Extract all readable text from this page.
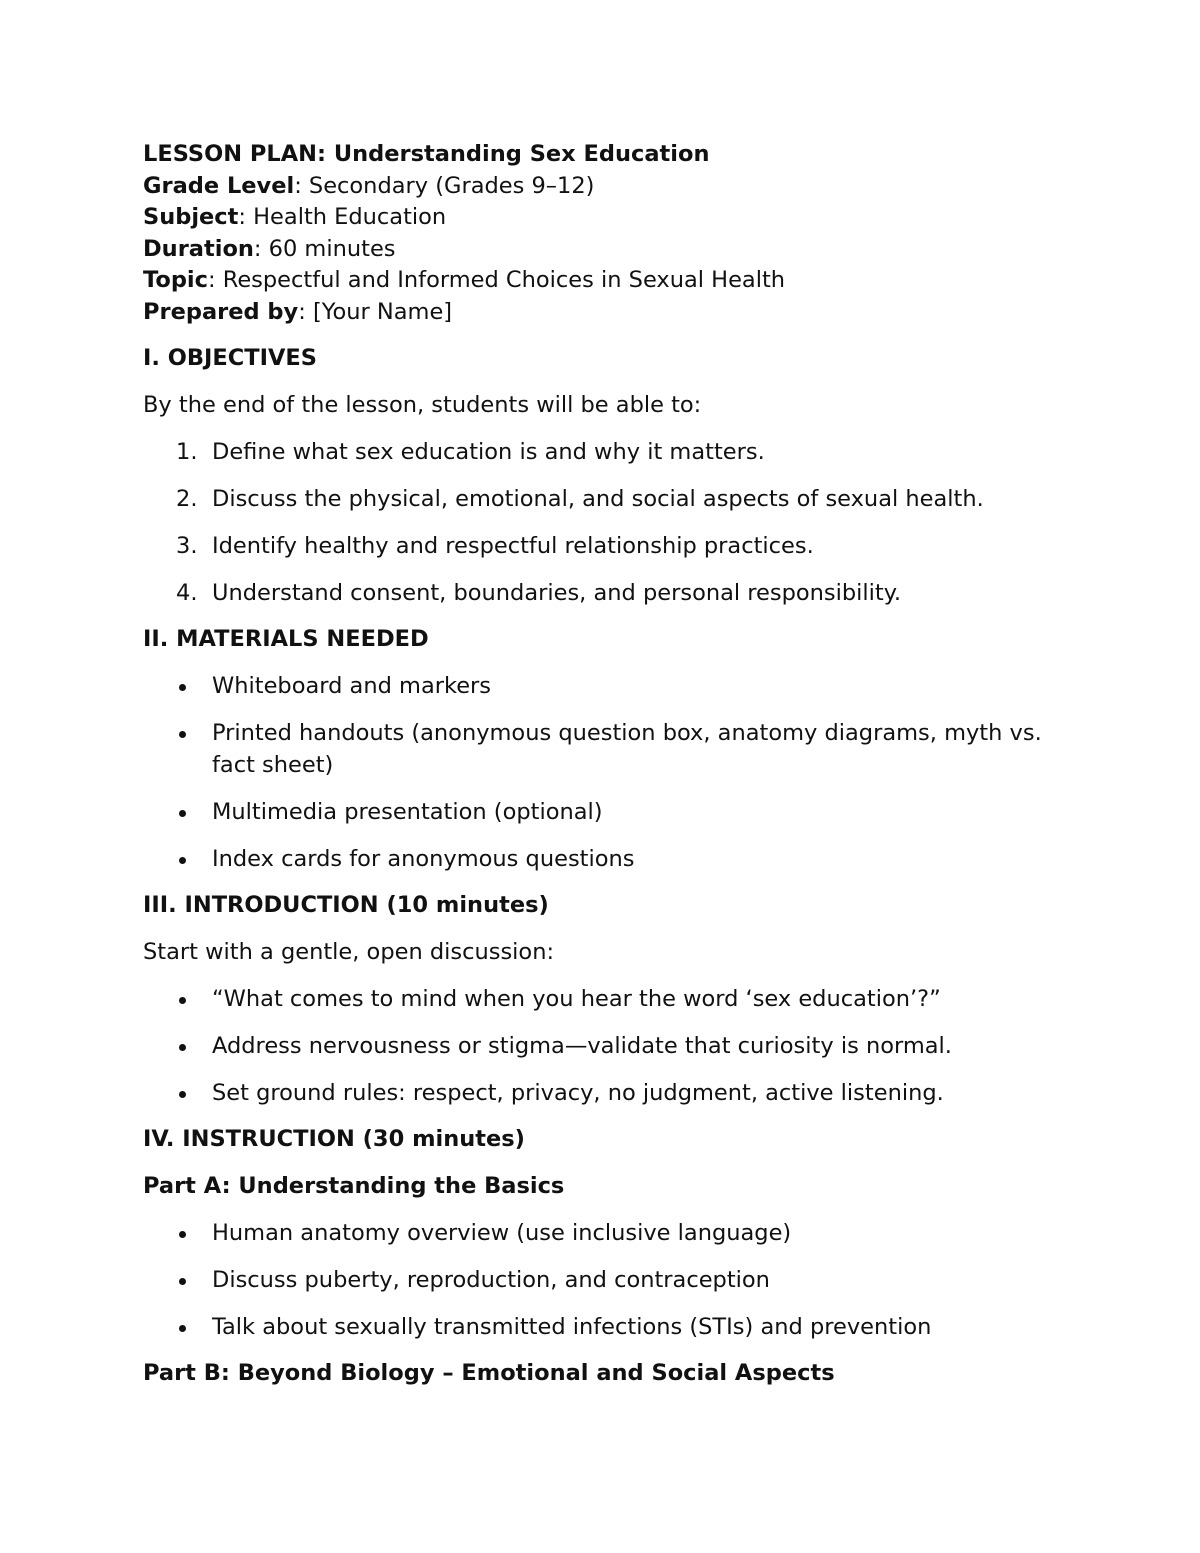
LESSON PLAN: Understanding Sex Education

Grade Level: Secondary (Grades 9–12)

Subject: Health Education

Duration: 60 minutes

Topic: Respectful and Informed Choices in Sexual Health

Prepared by: [Your Name]

I. OBJECTIVES

By the end of the lesson, students will be able to:

1. Define what sex education is and why it matters.
2. Discuss the physical, emotional, and social aspects of sexual health.
3. Identify healthy and respectful relationship practices.
4. Understand consent, boundaries, and personal responsibility.

II. MATERIALS NEEDED

Whiteboard and markers
Printed handouts (anonymous question box, anatomy diagrams, myth vs. fact sheet)
Multimedia presentation (optional)
Index cards for anonymous questions

III. INTRODUCTION (10 minutes)

Start with a gentle, open discussion:

“What comes to mind when you hear the word ‘sex education’?”
Address nervousness or stigma—validate that curiosity is normal.
Set ground rules: respect, privacy, no judgment, active listening.

IV. INSTRUCTION (30 minutes)

Part A: Understanding the Basics

Human anatomy overview (use inclusive language)
Discuss puberty, reproduction, and contraception
Talk about sexually transmitted infections (STIs) and prevention

Part B: Beyond Biology – Emotional and Social Aspects
